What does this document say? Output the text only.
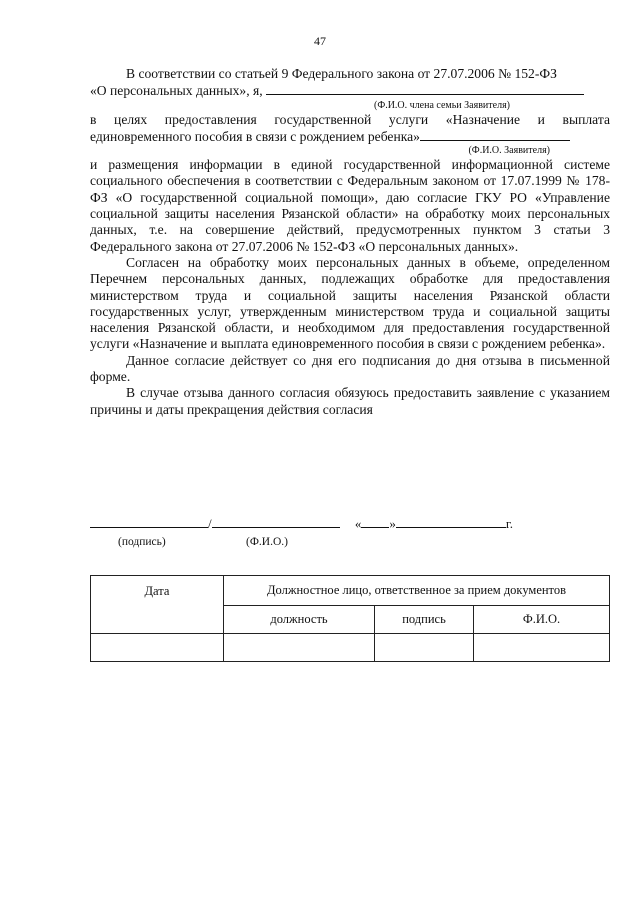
47

В соответствии со статьей 9 Федерального закона от 27.07.2006 № 152-ФЗ

«О персональных данных», я,
(Ф.И.О. члена семьи Заявителя)

в целях предоставления государственной услуги «Назначение и выплата единовременного пособия в связи с рождением ребенка»

(Ф.И.О. Заявителя)

и размещения информации в единой государственной информационной системе социального обеспечения в соответствии с Федеральным законом от 17.07.1999 № 178-ФЗ «О государственной социальной помощи», даю согласие ГКУ РО «Управление социальной защиты населения Рязанской области» на обработку моих персональных данных, т.е. на совершение действий, предусмотренных пунктом 3 статьи 3 Федерального закона от 27.07.2006 № 152-ФЗ «О персональных данных».

Согласен на обработку моих персональных данных в объеме, определенном Перечнем персональных данных, подлежащих обработке для предоставления министерством труда и социальной защиты населения Рязанской области государственных услуг, утвержденным министерством труда и социальной защиты населения Рязанской области, и необходимом для предоставления государственной услуги «Назначение и выплата единовременного пособия в связи с рождением ребенка».

Данное согласие действует со дня его подписания до дня отзыва в письменной форме.

В случае отзыва данного согласия обязуюсь предоставить заявление с указанием причины и даты прекращения действия согласия

/	« »	г.
(подпись)	(Ф.И.О.)
Дата	Должностное лицо, ответственное за прием документов		
	должность	подпись	Ф.И.О.
